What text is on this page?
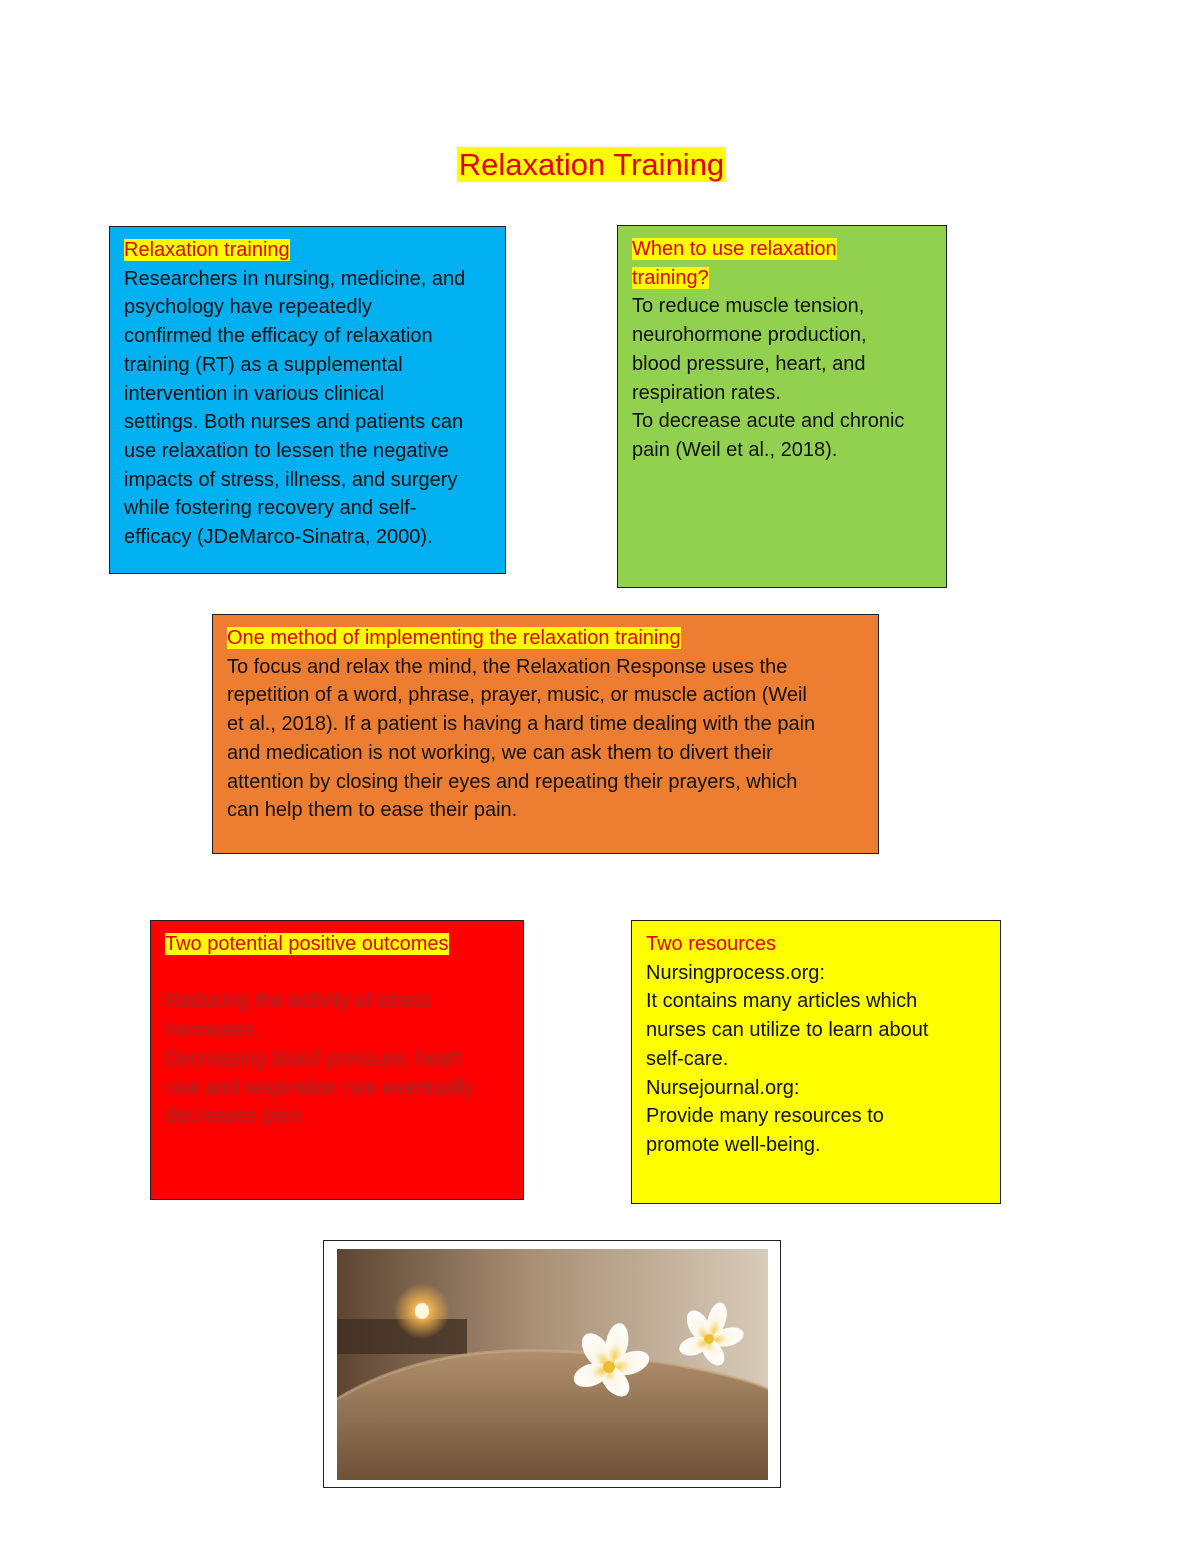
Relaxation Training

Relaxation training

Researchers in nursing, medicine, and
psychology have repeatedly
confirmed the efficacy of relaxation
training (RT) as a supplemental
intervention in various clinical
settings. Both nurses and patients can
use relaxation to lessen the negative
impacts of stress, illness, and surgery
while fostering recovery and self-
efficacy (JDeMarco-Sinatra, 2000).

When to use relaxation
training?

To reduce muscle tension,
neurohormone production,
blood pressure, heart, and
respiration rates.
To decrease acute and chronic
pain (Weil et al., 2018).

One method of implementing the relaxation training

To focus and relax the mind, the Relaxation Response uses the
repetition of a word, phrase, prayer, music, or muscle action (Weil
et al., 2018). If a patient is having a hard time dealing with the pain
and medication is not working, we can ask them to divert their
attention by closing their eyes and repeating their prayers, which
can help them to ease their pain.

Two potential positive outcomes

Reducing the activity of stress
hormones.
Decreasing blood pressure, heart
rate and respiration rate eventually
decreases pain.

Two resources

Nursingprocess.org:
It contains many articles which
nurses can utilize to learn about
self-care.
Nursejournal.org:
Provide many resources to
promote well-being.
